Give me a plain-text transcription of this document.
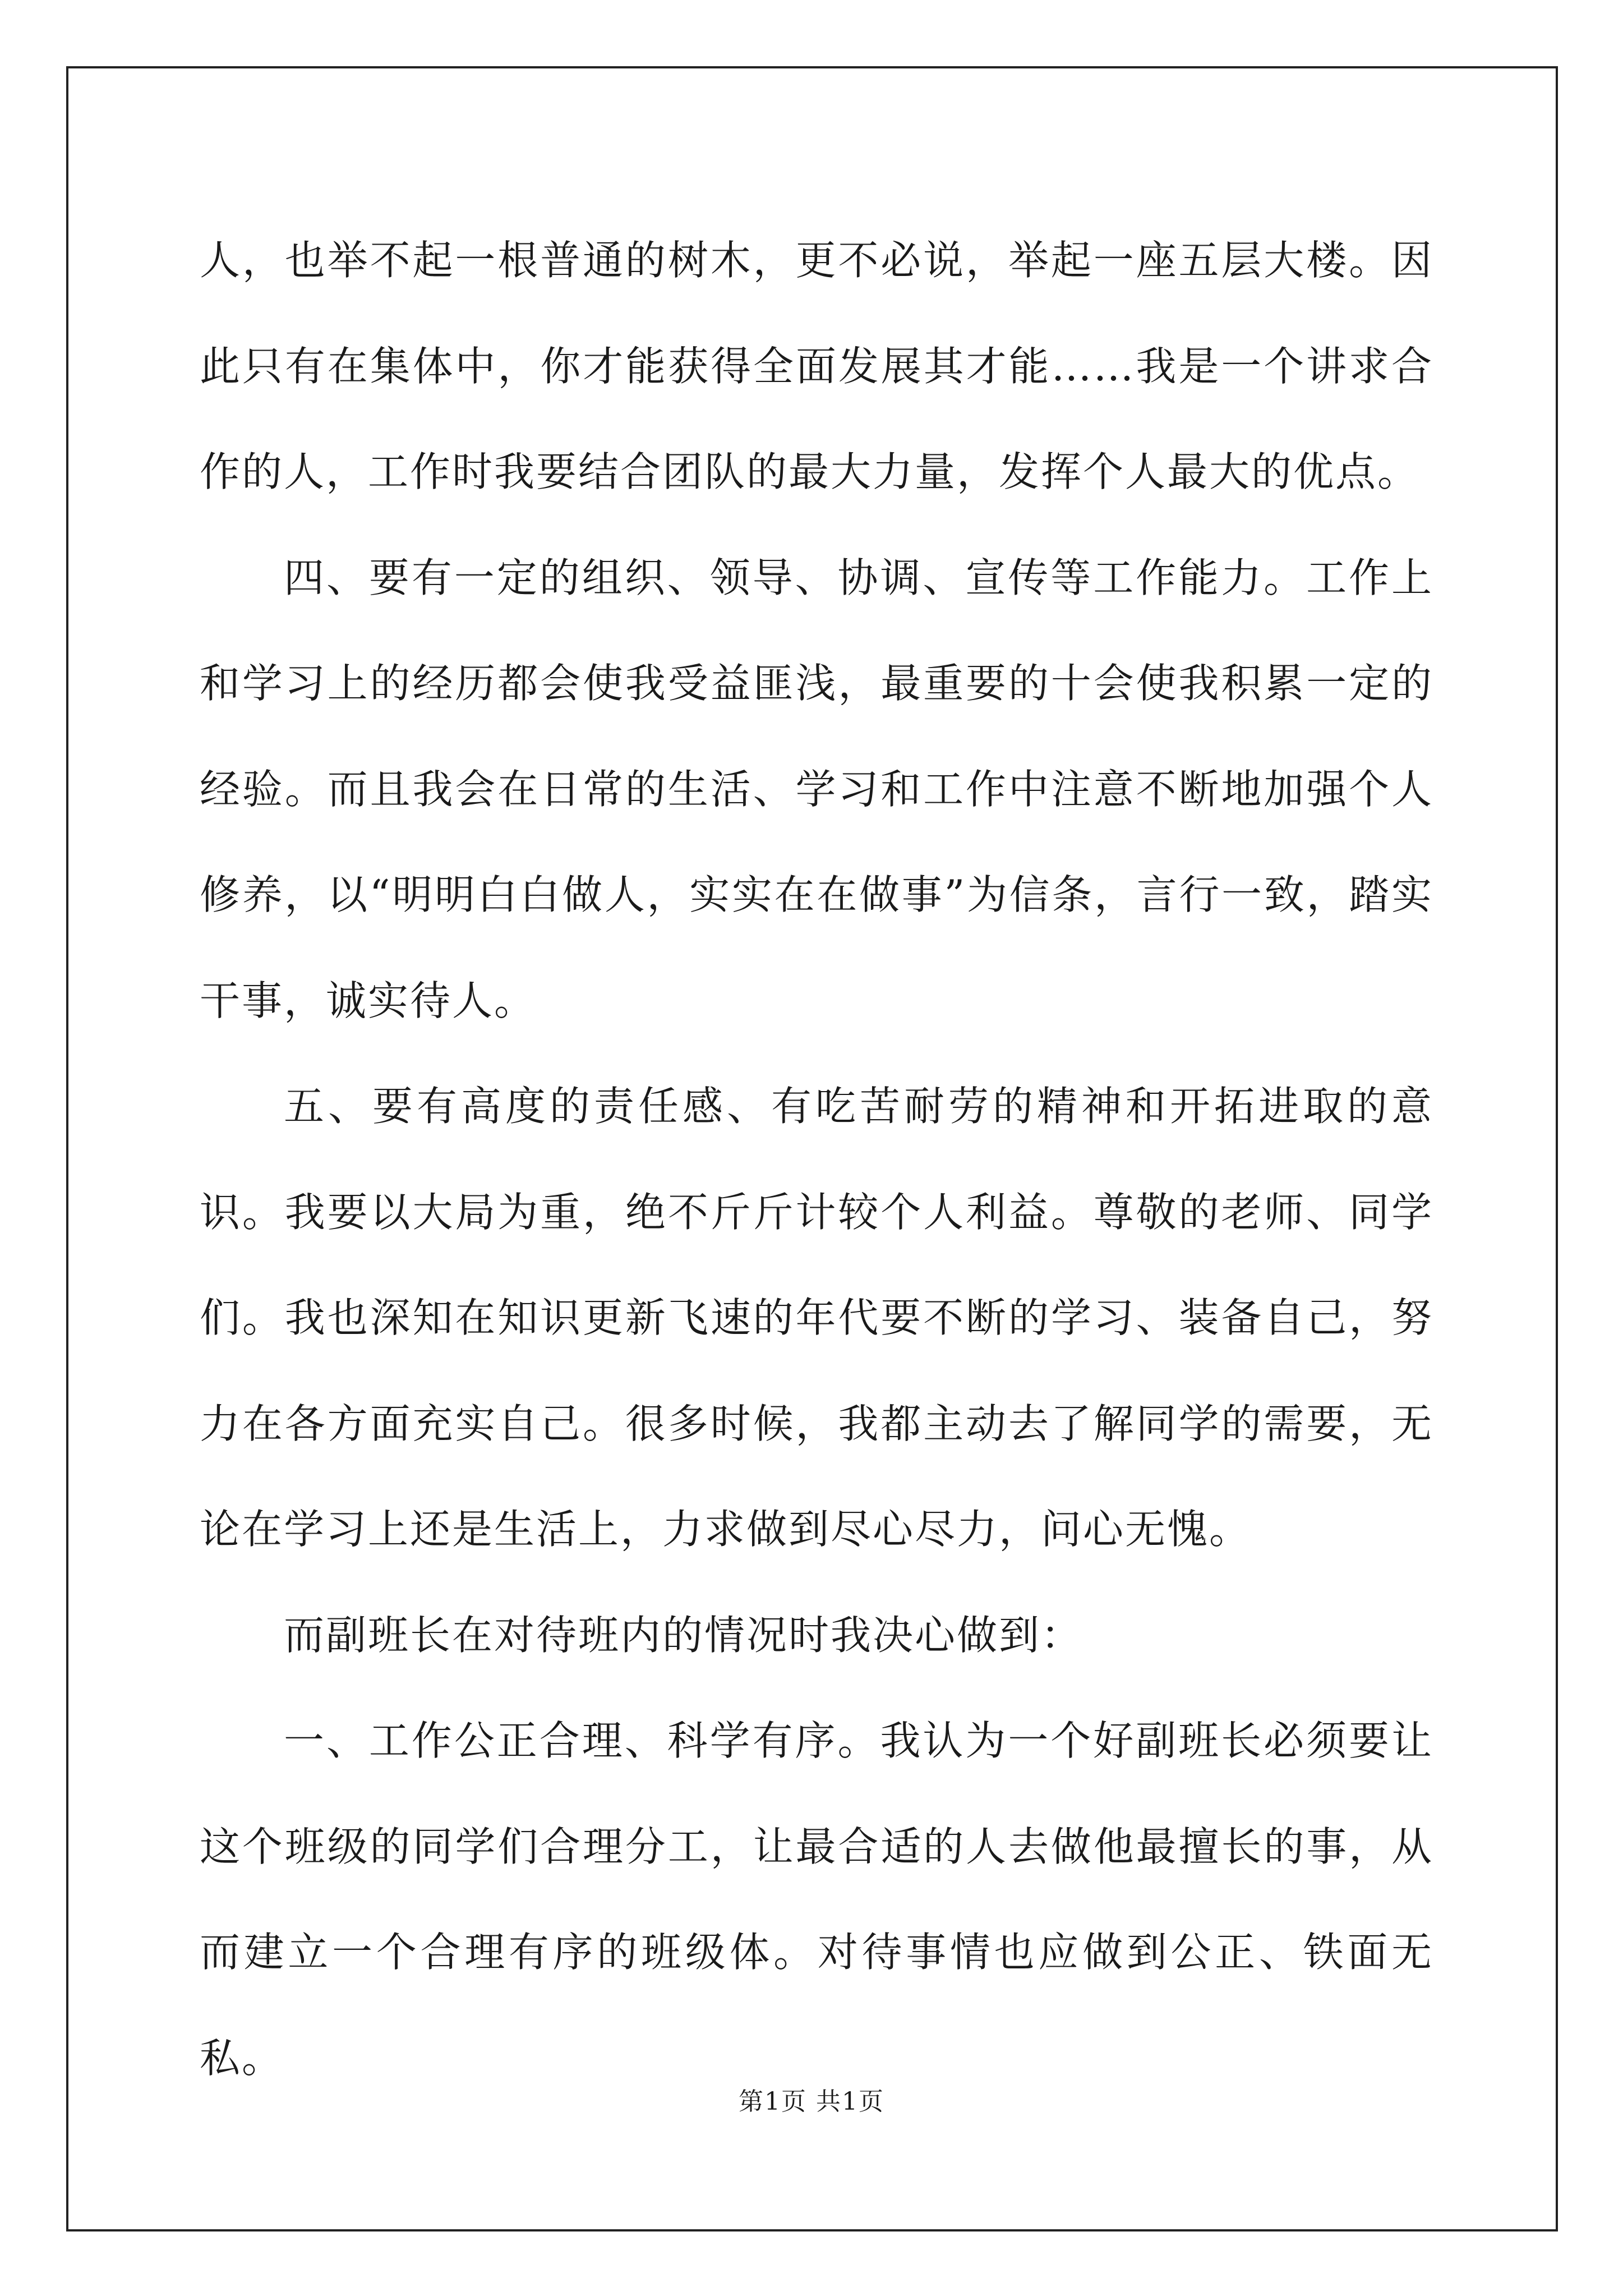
人，也举不起一根普通的树木，更不必说，举起一座五层大楼。因此只有在集体中，你才能获得全面发展其才能……我是一个讲求合作的人，工作时我要结合团队的最大力量，发挥个人最大的优点。

四、要有一定的组织、领导、协调、宣传等工作能力。工作上和学习上的经历都会使我受益匪浅，最重要的十会使我积累一定的经验。而且我会在日常的生活、学习和工作中注意不断地加强个人修养，以“明明白白做人，实实在在做事”为信条，言行一致，踏实干事，诚实待人。

五、要有高度的责任感、有吃苦耐劳的精神和开拓进取的意识。我要以大局为重，绝不斤斤计较个人利益。尊敬的老师、同学们。我也深知在知识更新飞速的年代要不断的学习、装备自己，努力在各方面充实自己。很多时候，我都主动去了解同学的需要，无论在学习上还是生活上，力求做到尽心尽力，问心无愧。

而副班长在对待班内的情况时我决心做到：

一、工作公正合理、科学有序。我认为一个好副班长必须要让这个班级的同学们合理分工，让最合适的人去做他最擅长的事，从而建立一个合理有序的班级体。对待事情也应做到公正、铁面无私。

第1页 共1页
